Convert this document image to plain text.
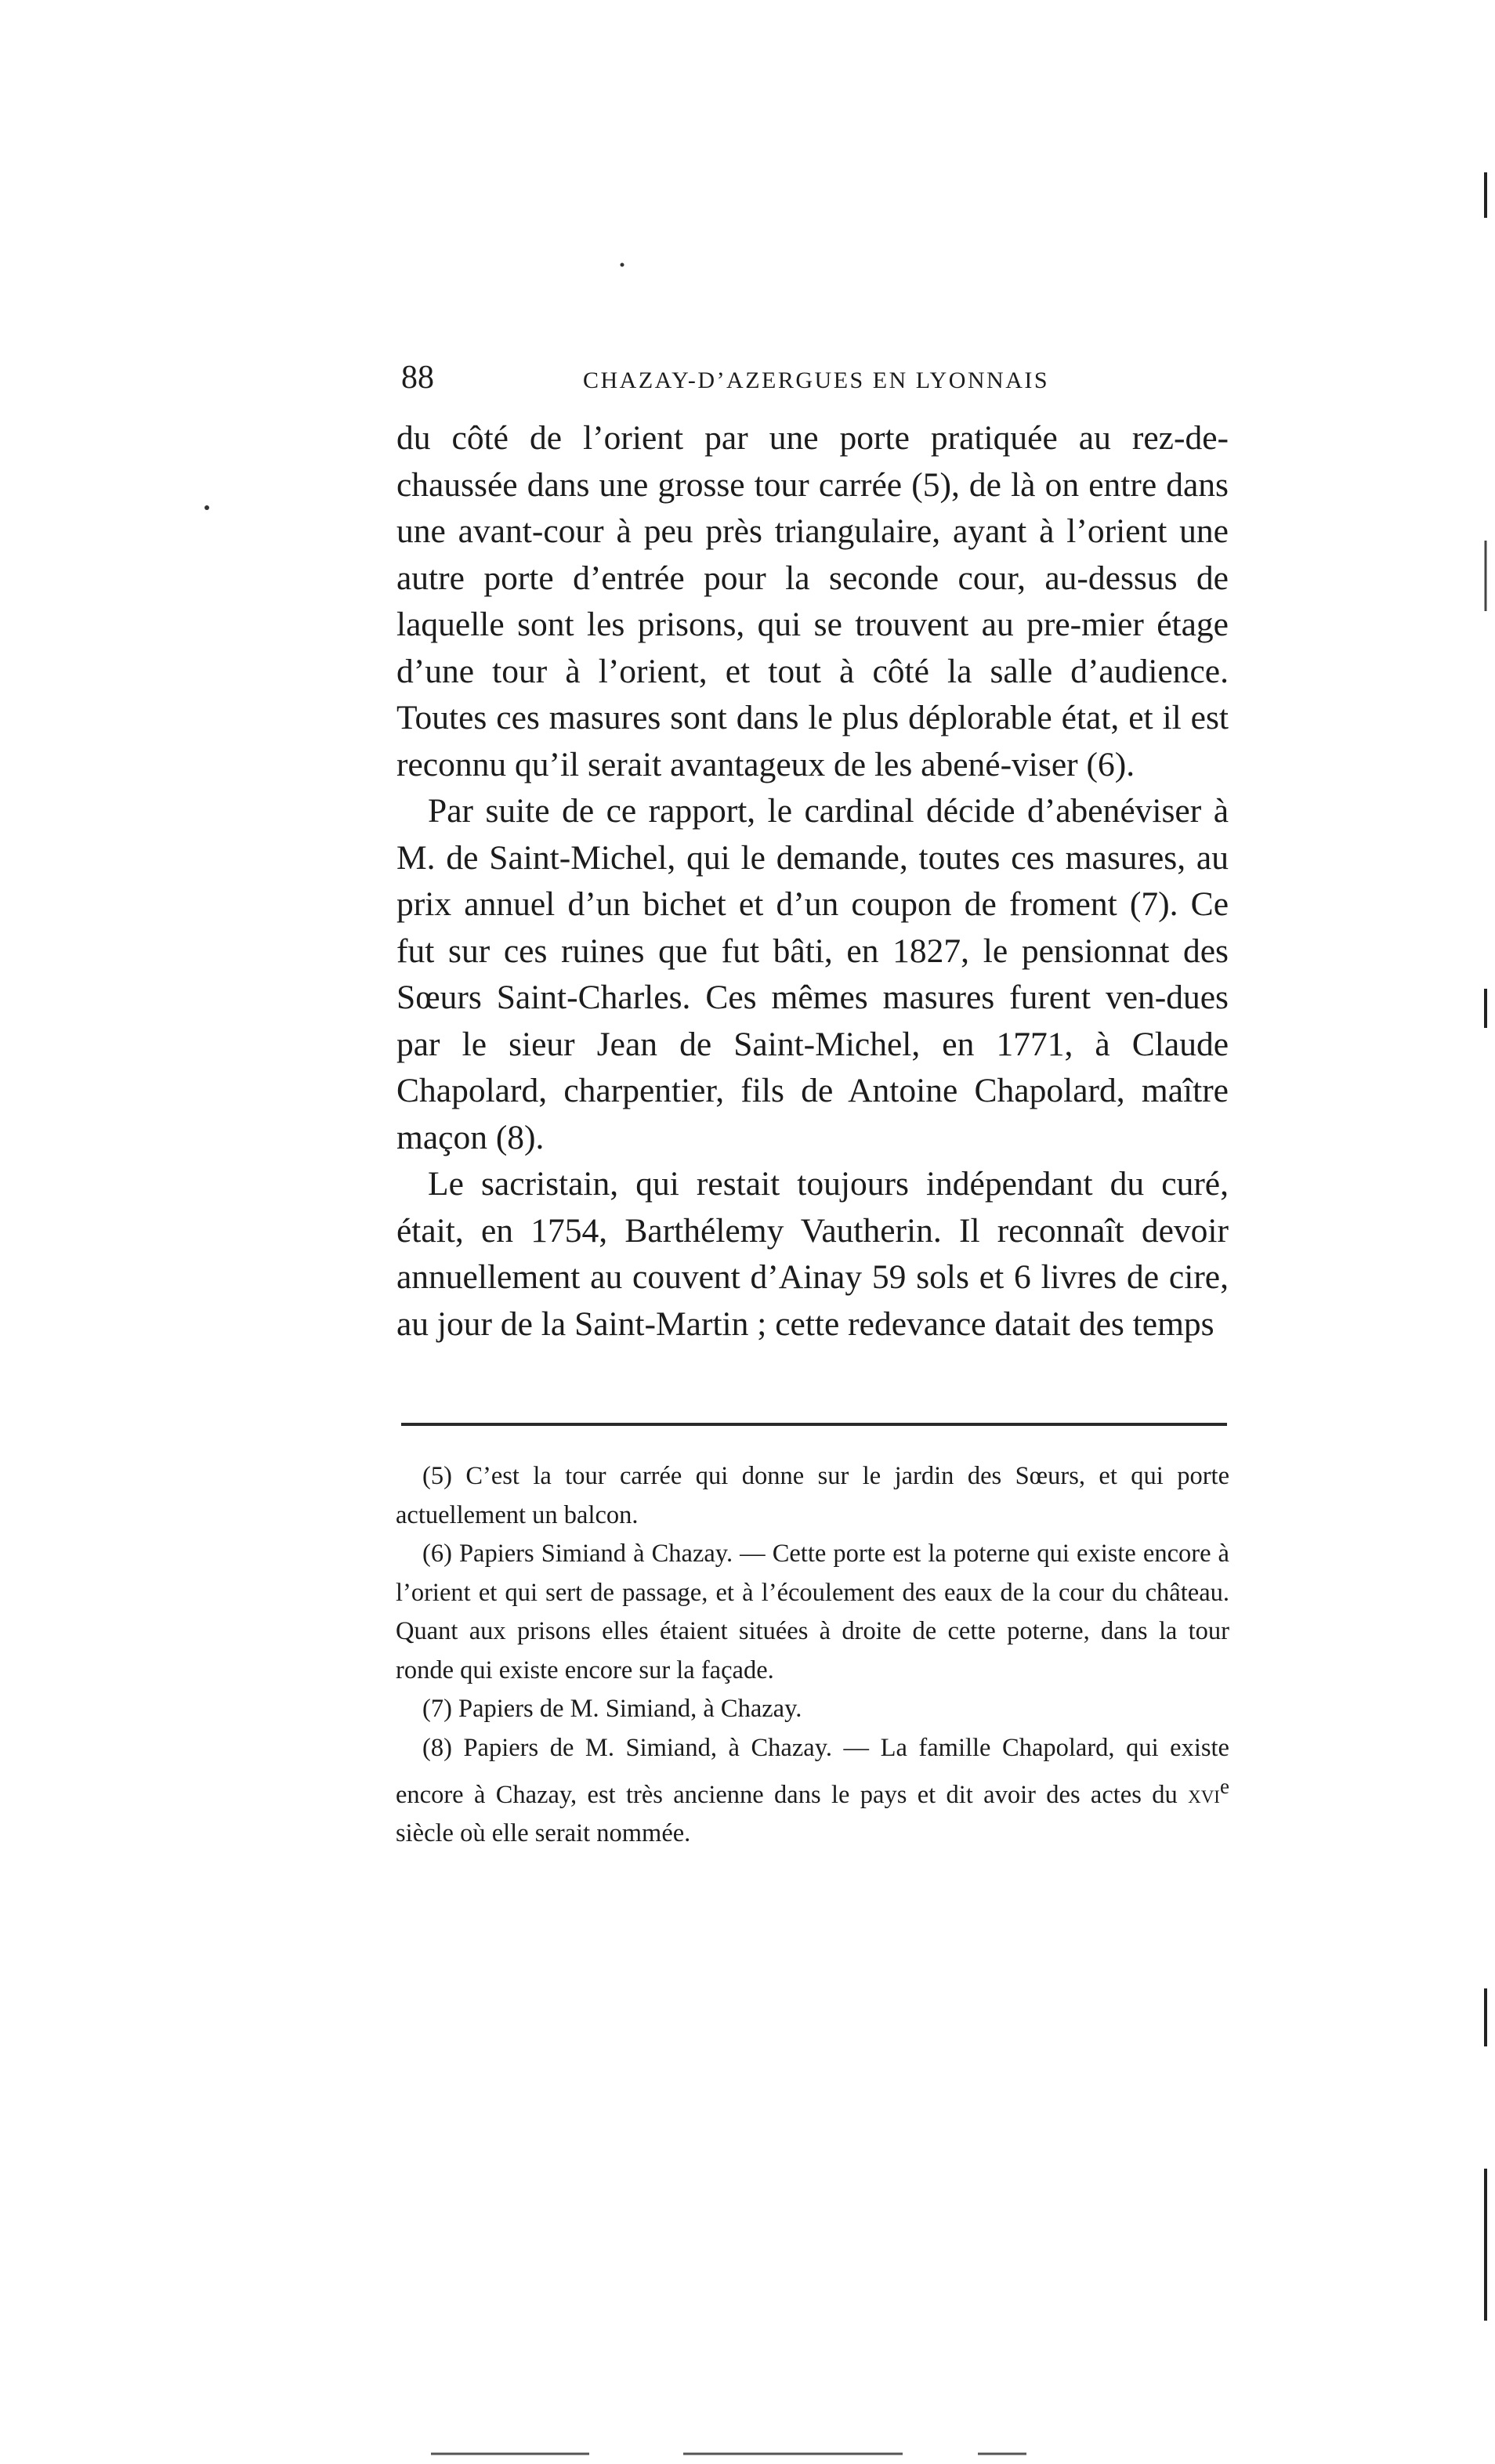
88	CHAZAY-D’AZERGUES EN LYONNAIS

du côté de l’orient par une porte pratiquée au rez-de-chaussée dans une grosse tour carrée (5), de là on entre dans une avant-cour à peu près triangulaire, ayant à l’orient une autre porte d’entrée pour la seconde cour, au-dessus de laquelle sont les prisons, qui se trouvent au pre-mier étage d’une tour à l’orient, et tout à côté la salle d’audience. Toutes ces masures sont dans le plus déplorable état, et il est reconnu qu’il serait avantageux de les abené-viser (6).

Par suite de ce rapport, le cardinal décide d’abenéviser à M. de Saint-Michel, qui le demande, toutes ces masures, au prix annuel d’un bichet et d’un coupon de froment (7). Ce fut sur ces ruines que fut bâti, en 1827, le pensionnat des Sœurs Saint-Charles. Ces mêmes masures furent ven-dues par le sieur Jean de Saint-Michel, en 1771, à Claude Chapolard, charpentier, fils de Antoine Chapolard, maître maçon (8).

Le sacristain, qui restait toujours indépendant du curé, était, en 1754, Barthélemy Vautherin. Il reconnaît devoir annuellement au couvent d’Ainay 59 sols et 6 livres de cire, au jour de la Saint-Martin ; cette redevance datait des temps

(5) C’est la tour carrée qui donne sur le jardin des Sœurs, et qui porte actuellement un balcon.

(6) Papiers Simiand à Chazay. — Cette porte est la poterne qui existe encore à l’orient et qui sert de passage, et à l’écoulement des eaux de la cour du château. Quant aux prisons elles étaient situées à droite de cette poterne, dans la tour ronde qui existe encore sur la façade.

(7) Papiers de M. Simiand, à Chazay.

(8) Papiers de M. Simiand, à Chazay. — La famille Chapolard, qui existe encore à Chazay, est très ancienne dans le pays et dit avoir des actes du xvi$^e$ siècle où elle serait nommée.
